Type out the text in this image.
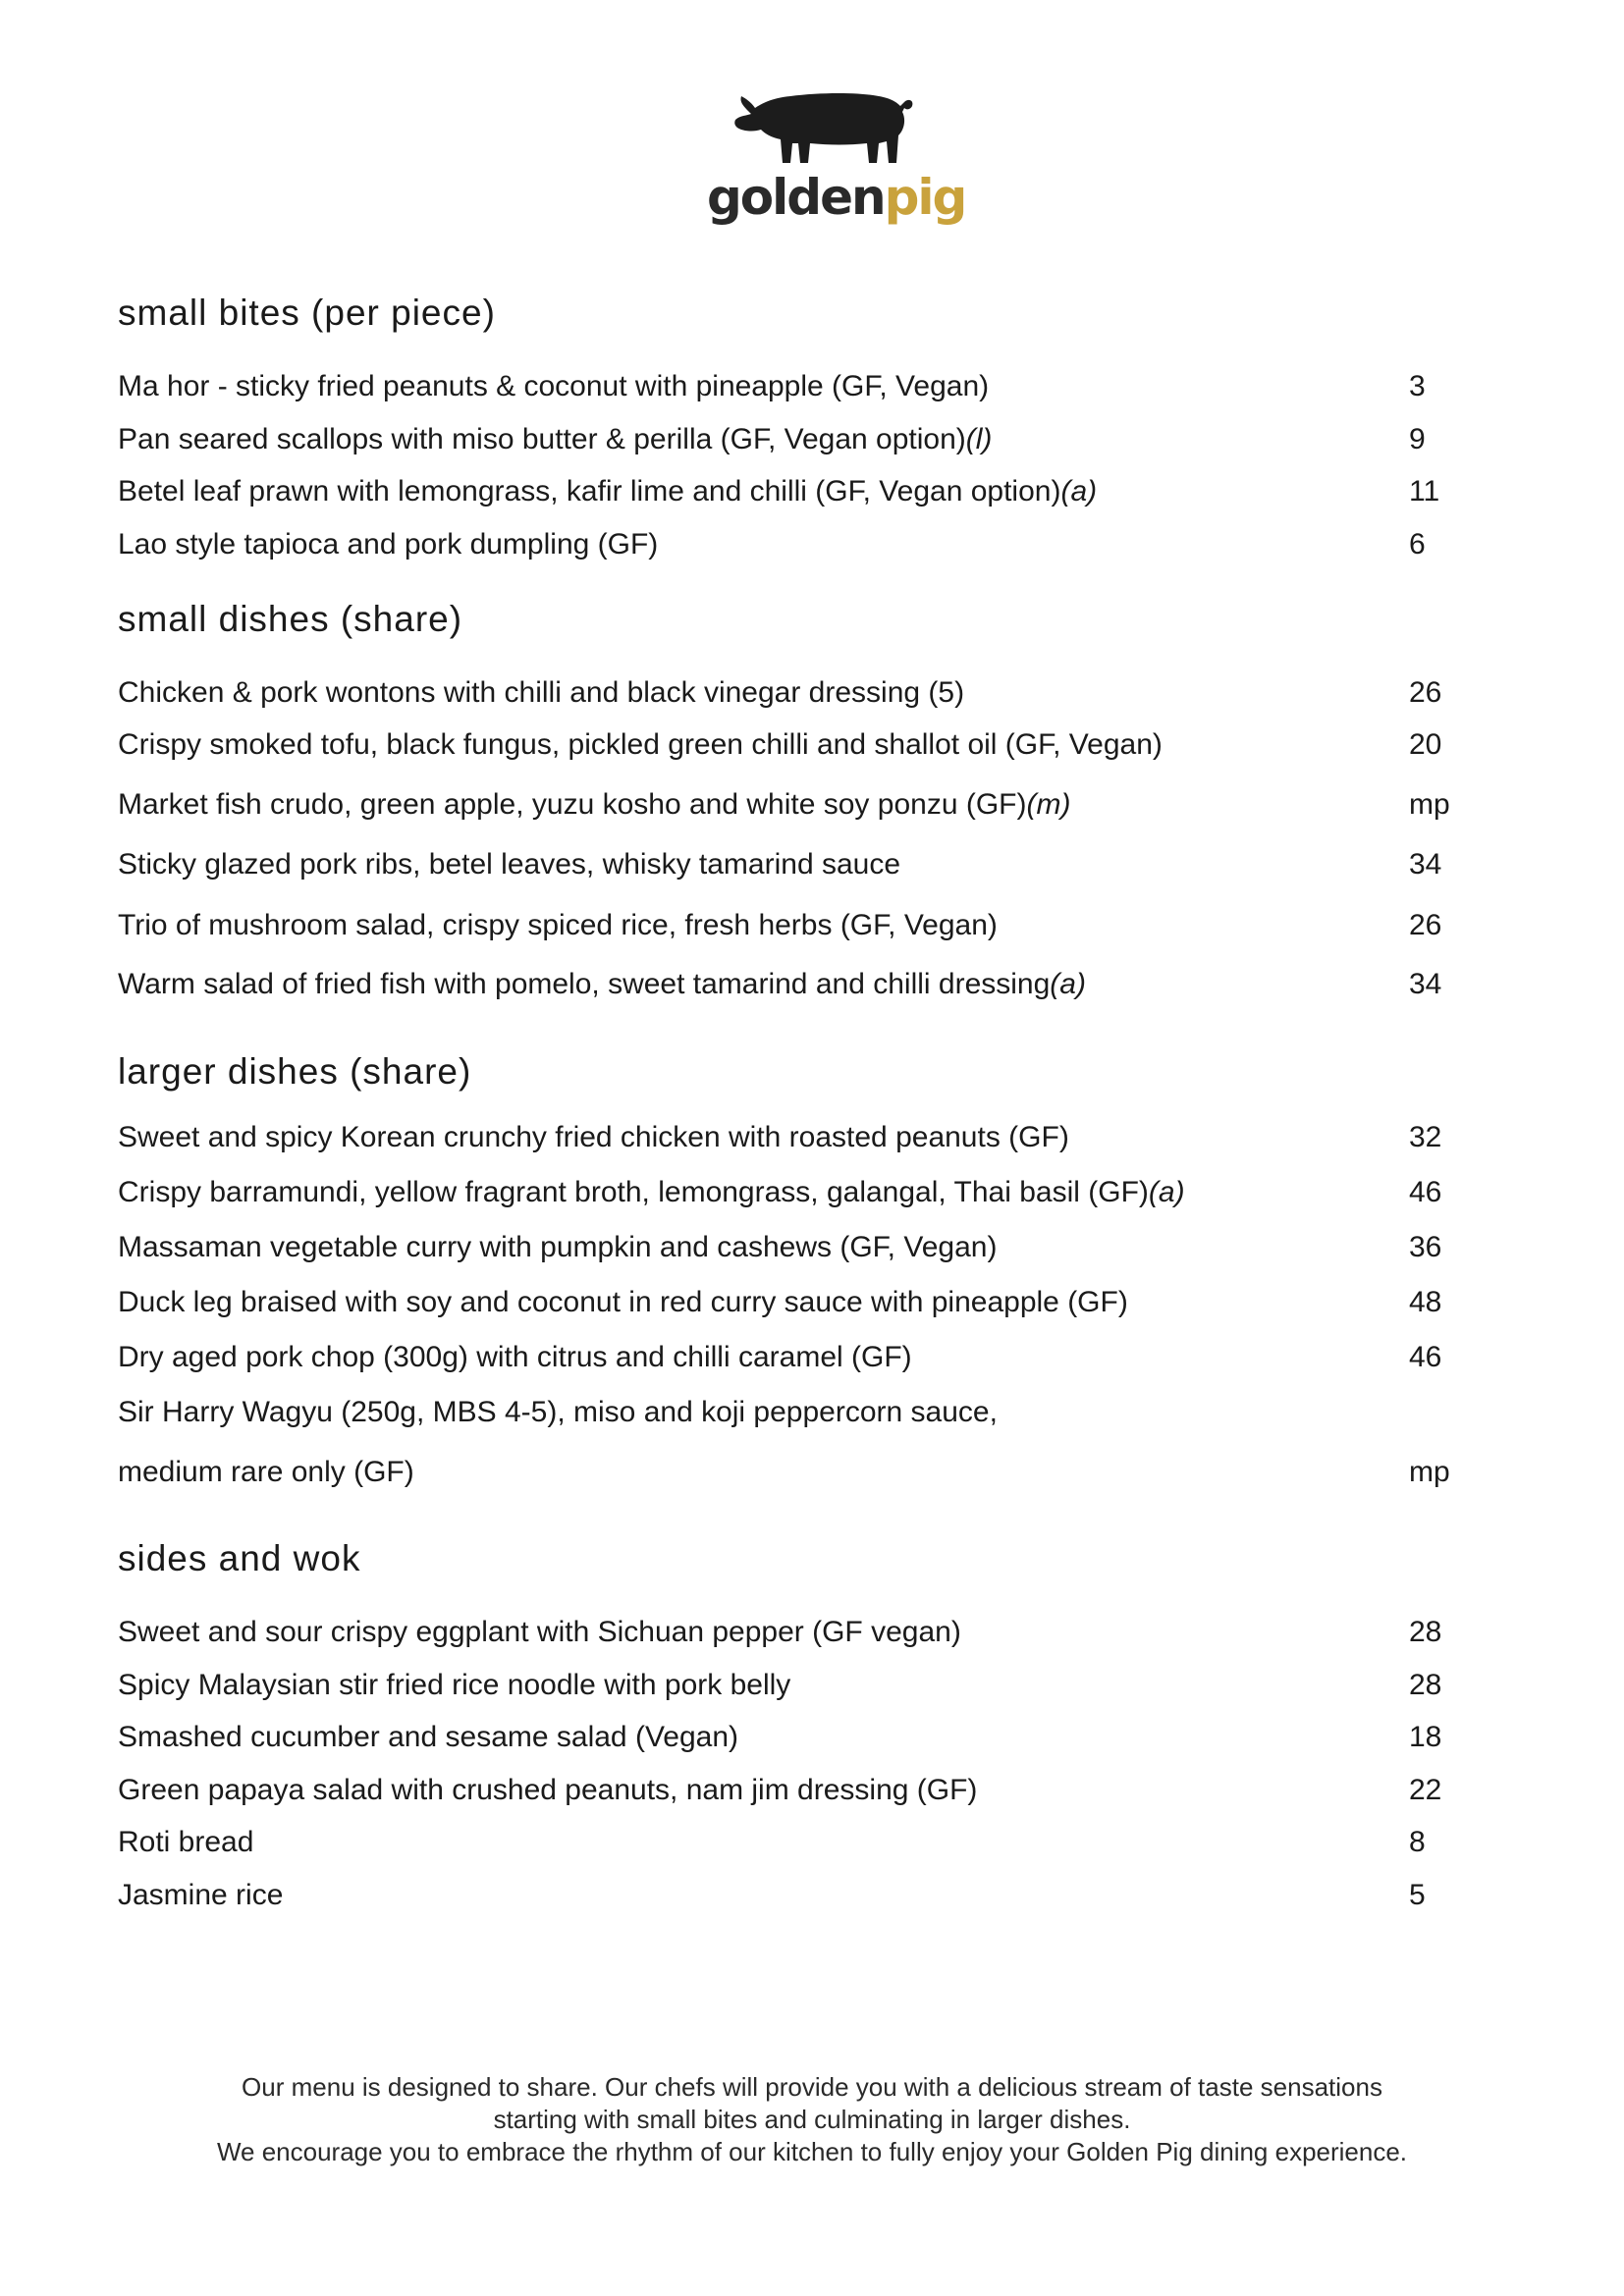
goldenpig
small bites (per piece)
Ma hor - sticky fried peanuts & coconut with pineapple (GF, Vegan)	3
Pan seared scallops with miso butter & perilla (GF, Vegan option)(l)	9
Betel leaf prawn with lemongrass, kafir lime and chilli (GF, Vegan option)(a)	11
Lao style tapioca and pork dumpling (GF)	6
small dishes (share)
Chicken & pork wontons with chilli and black vinegar dressing (5)	26
Crispy smoked tofu, black fungus, pickled green chilli and shallot oil (GF, Vegan)	20
Market fish crudo, green apple, yuzu kosho and white soy ponzu (GF)(m)	mp
Sticky glazed pork ribs, betel leaves, whisky tamarind sauce	34
Trio of mushroom salad, crispy spiced rice, fresh herbs (GF, Vegan)	26
Warm salad of fried fish with pomelo, sweet tamarind and chilli dressing(a)	34
larger dishes (share)
Sweet and spicy Korean crunchy fried chicken with roasted peanuts (GF)	32
Crispy barramundi, yellow fragrant broth, lemongrass, galangal, Thai basil (GF)(a)	46
Massaman vegetable curry with pumpkin and cashews (GF, Vegan)	36
Duck leg braised with soy and coconut in red curry sauce with pineapple (GF)	48
Dry aged pork chop (300g) with citrus and chilli caramel (GF)	46
Sir Harry Wagyu (250g, MBS 4-5), miso and koji peppercorn sauce,
medium rare only (GF)	mp
sides and wok
Sweet and sour crispy eggplant with Sichuan pepper (GF vegan)	28
Spicy Malaysian stir fried rice noodle with pork belly	28
Smashed cucumber and sesame salad (Vegan)	18
Green papaya salad with crushed peanuts, nam jim dressing (GF)	22
Roti bread	8
Jasmine rice	5
Our menu is designed to share. Our chefs will provide you with a delicious stream of taste sensations
starting with small bites and culminating in larger dishes.
We encourage you to embrace the rhythm of our kitchen to fully enjoy your Golden Pig dining experience.
